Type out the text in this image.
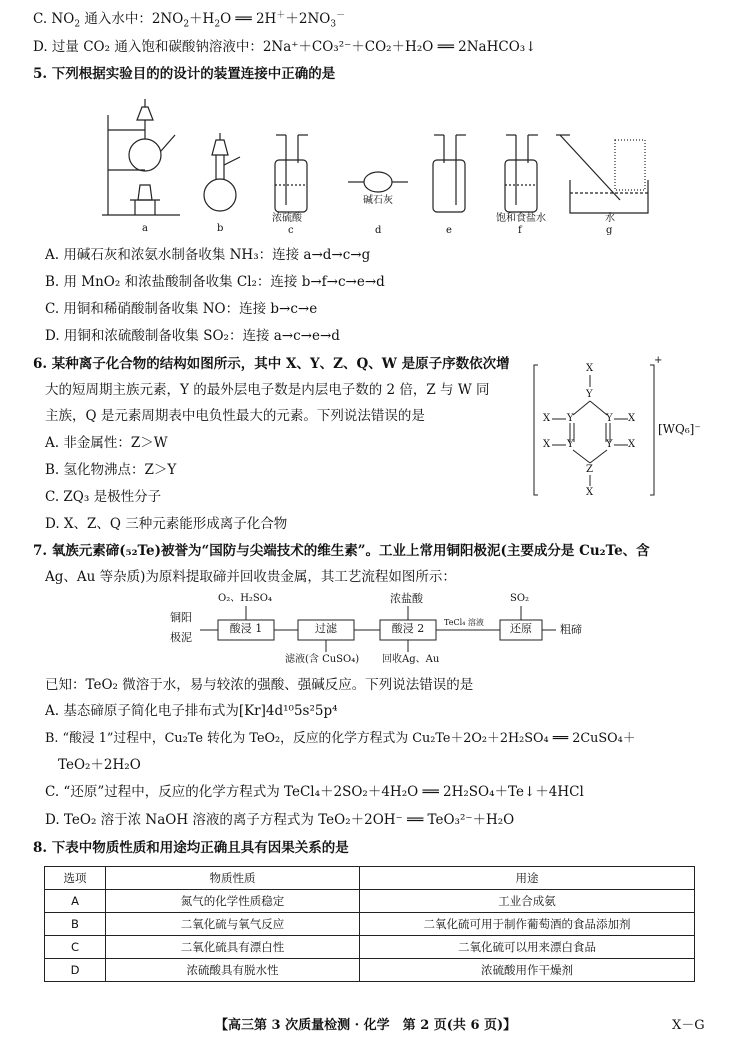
C. $NO_2$ 通入水中：$2NO_2+H_2O$ ══ $2H^++2NO_3^-$
D. 过量 CO₂ 通入饱和碳酸钠溶液中：2Na⁺＋CO₃²⁻＋CO₂＋H₂O ══ 2NaHCO₃↓
5. 下列根据实验目的的设计的装置连接中正确的是
a	b
浓硫酸
c
碱石灰
d	e
饱和食盐水
f
水
g
A. 用碱石灰和浓氨水制备收集 NH₃：连接 a→d→c→g
B. 用 MnO₂ 和浓盐酸制备收集 Cl₂：连接 b→f→c→e→d
C. 用铜和稀硝酸制备收集 NO：连接 b→c→e
D. 用铜和浓硫酸制备收集 SO₂：连接 a→c→e→d
6. 某种离子化合物的结构如图所示，其中 X、Y、Z、Q、W 是原子序数依次增
大的短周期主族元素，Y 的最外层电子数是内层电子数的 2 倍，Z 与 W 同
主族，Q 是元素周期表中电负性最大的元素。下列说法错误的是
A. 非金属性：Z＞W
B. 氢化物沸点：Z＞Y
C. ZQ₃ 是极性分子
D. X、Z、Q 三种元素能形成离子化合物
X
Y
X Y	Y X
X Y	Y X
Z
X
+
[WQ₆]⁻
7. 氧族元素碲(₅₂Te)被誉为“国防与尖端技术的维生素”。工业上常用铜阳极泥(主要成分是 Cu₂Te、含
Ag、Au 等杂质)为原料提取碲并回收贵金属，其工艺流程如图所示：
铜阳
极泥
O₂、H₂SO₄
酸浸 1	过滤
浓盐酸
酸浸 2	TeCl₄ 溶液
SO₂
还原	粗碲
滤液(含 CuSO₄) 回收Ag、Au
已知：TeO₂ 微溶于水，易与较浓的强酸、强碱反应。下列说法错误的是
A. 基态碲原子简化电子排布式为[Kr]4d¹⁰5s²5p⁴
B. “酸浸 1”过程中，Cu₂Te 转化为 TeO₂，反应的化学方程式为 Cu₂Te＋2O₂＋2H₂SO₄ ══ 2CuSO₄＋
TeO₂＋2H₂O
C. “还原”过程中，反应的化学方程式为 TeCl₄＋2SO₂＋4H₂O ══ 2H₂SO₄＋Te↓＋4HCl
D. TeO₂ 溶于浓 NaOH 溶液的离子方程式为 TeO₂＋2OH⁻ ══ TeO₃²⁻＋H₂O
8. 下表中物质性质和用途均正确且具有因果关系的是
选项	物质性质	用途
A	氮气的化学性质稳定	工业合成氨
B	二氧化硫与氧气反应	二氧化硫可用于制作葡萄酒的食品添加剂
C	二氧化硫具有漂白性	二氧化硫可以用来漂白食品
D	浓硫酸具有脱水性	浓硫酸用作干燥剂
【高三第 3 次质量检测 · 化学　第 2 页(共 6 页)】	X－G
